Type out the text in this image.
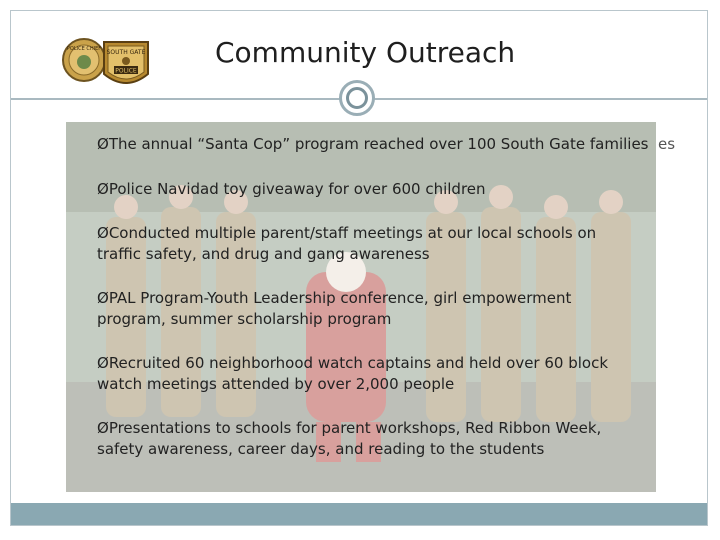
POLICE CHIEF SOUTH GATE
POLICE
Community Outreach
ØThe annual “Santa Cop” program reached over 100 South Gate families
ØPolice Navidad toy giveaway for over 600 children
ØConducted multiple parent/staff meetings at our local schools on
traffic safety, and drug and gang awareness
ØPAL Program-Youth Leadership conference, girl empowerment
program, summer scholarship program
ØRecruited 60 neighborhood watch captains and held over 60 block
watch meetings attended by over 2,000 people
ØPresentations to schools for parent workshops, Red Ribbon Week,
safety awareness, career days, and reading to the students
es
